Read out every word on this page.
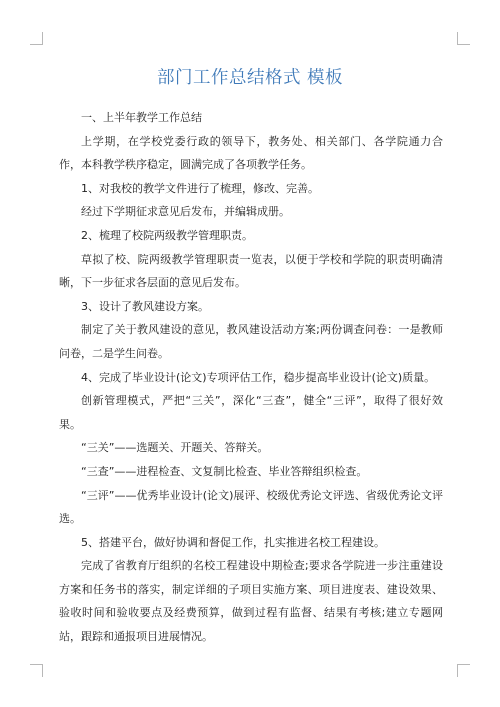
部门工作总结格式 模板

一、上半年教学工作总结

上学期，在学校党委行政的领导下，教务处、相关部门、各学院通力合作，本科教学秩序稳定，圆满完成了各项教学任务。

1、对我校的教学文件进行了梳理，修改、完善。

经过下学期征求意见后发布，并编辑成册。

2、梳理了校院两级教学管理职责。

草拟了校、院两级教学管理职责一览表，以便于学校和学院的职责明确清晰，下一步征求各层面的意见后发布。

3、设计了教风建设方案。

制定了关于教风建设的意见，教风建设活动方案;两份调查问卷：一是教师问卷，二是学生问卷。

4、完成了毕业设计(论文)专项评估工作，稳步提高毕业设计(论文)质量。

创新管理模式，严把“三关”，深化“三查”，健全“三评”，取得了很好效果。

“三关”——选题关、开题关、答辩关。

“三查”——进程检查、文复制比检查、毕业答辩组织检查。

“三评”——优秀毕业设计(论文)展评、校级优秀论文评选、省级优秀论文评选。

5、搭建平台，做好协调和督促工作，扎实推进名校工程建设。

完成了省教育厅组织的名校工程建设中期检查;要求各学院进一步注重建设方案和任务书的落实，制定详细的子项目实施方案、项目进度表、建设效果、验收时间和验收要点及经费预算，做到过程有监督、结果有考核;建立专题网站，跟踪和通报项目进展情况。
